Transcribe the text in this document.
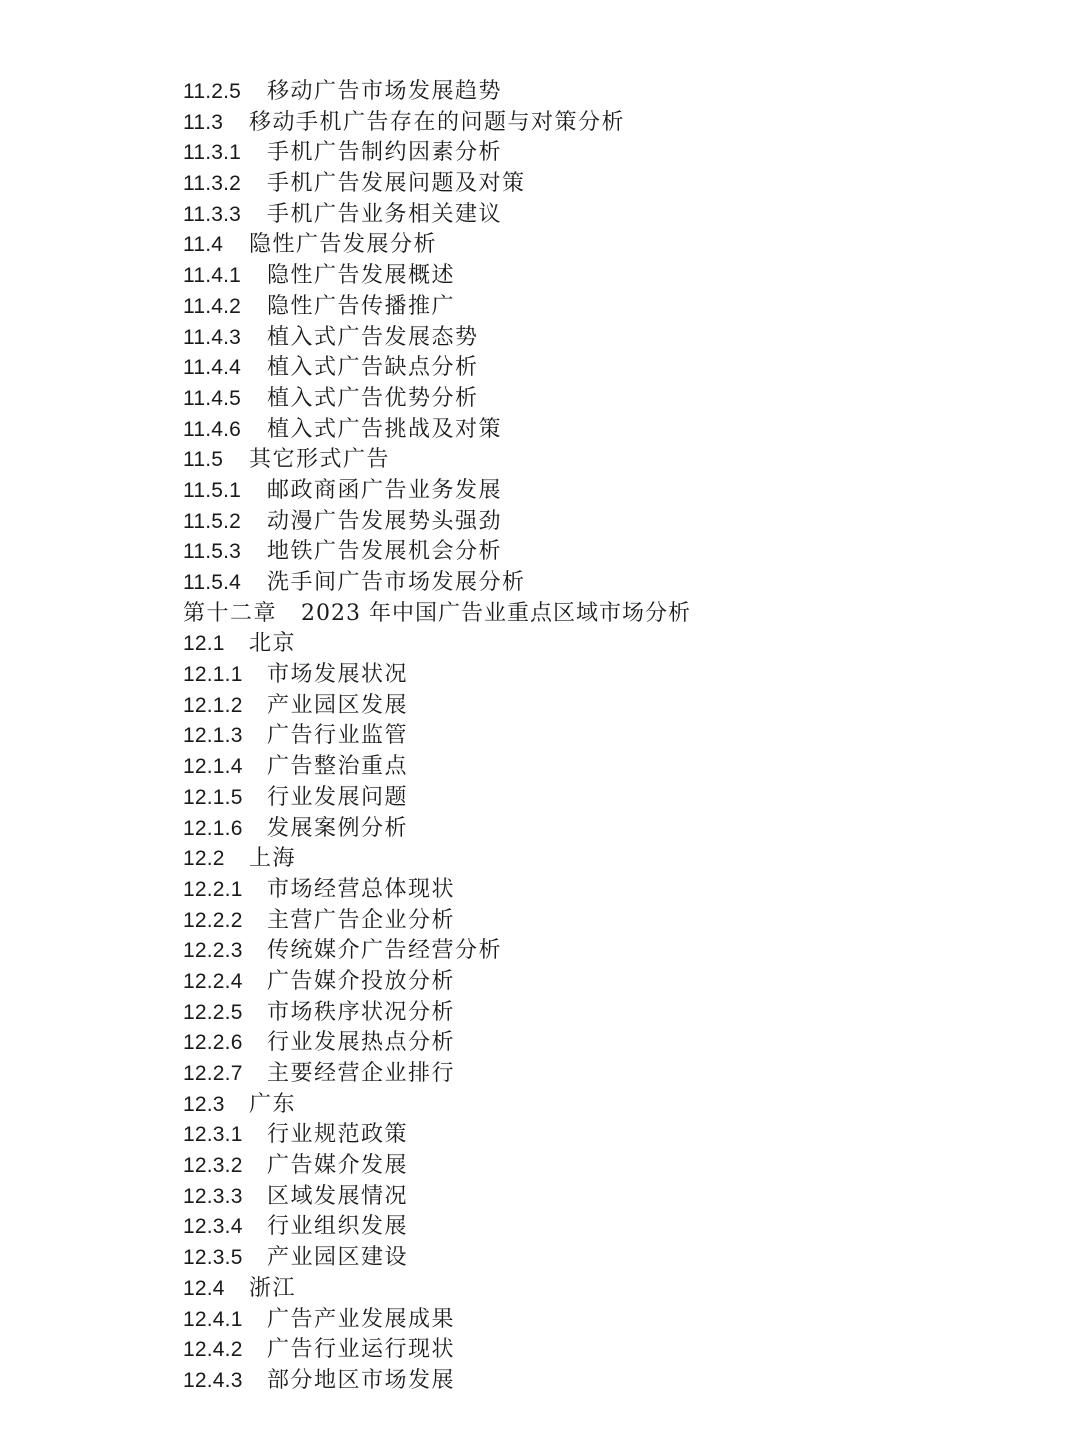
11.2.5 移动广告市场发展趋势
11.3 移动手机广告存在的问题与对策分析
11.3.1 手机广告制约因素分析
11.3.2 手机广告发展问题及对策
11.3.3 手机广告业务相关建议
11.4 隐性广告发展分析
11.4.1 隐性广告发展概述
11.4.2 隐性广告传播推广
11.4.3 植入式广告发展态势
11.4.4 植入式广告缺点分析
11.4.5 植入式广告优势分析
11.4.6 植入式广告挑战及对策
11.5 其它形式广告
11.5.1 邮政商函广告业务发展
11.5.2 动漫广告发展势头强劲
11.5.3 地铁广告发展机会分析
11.5.4 洗手间广告市场发展分析
第十二章 2023 年中国广告业重点区域市场分析
12.1 北京
12.1.1 市场发展状况
12.1.2 产业园区发展
12.1.3 广告行业监管
12.1.4 广告整治重点
12.1.5 行业发展问题
12.1.6 发展案例分析
12.2 上海
12.2.1 市场经营总体现状
12.2.2 主营广告企业分析
12.2.3 传统媒介广告经营分析
12.2.4 广告媒介投放分析
12.2.5 市场秩序状况分析
12.2.6 行业发展热点分析
12.2.7 主要经营企业排行
12.3 广东
12.3.1 行业规范政策
12.3.2 广告媒介发展
12.3.3 区域发展情况
12.3.4 行业组织发展
12.3.5 产业园区建设
12.4 浙江
12.4.1 广告产业发展成果
12.4.2 广告行业运行现状
12.4.3 部分地区市场发展
